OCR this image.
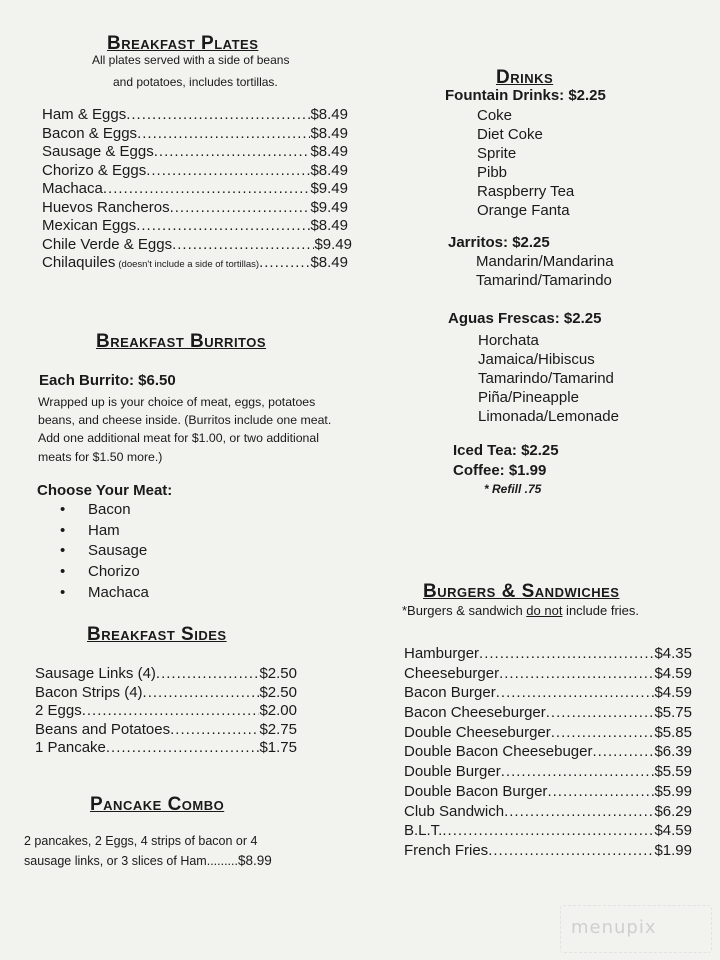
Breakfast Plates
All plates served with a side of beans
and potatoes, includes tortillas.
Ham & Eggs .....	$8.49
Bacon & Eggs .....	$8.49
Sausage & Eggs .....	$8.49
Chorizo & Eggs .....	$8.49
Machaca .....	$9.49
Huevos Rancheros .....	$9.49
Mexican Eggs .....	$8.49
Chile Verde & Eggs .....	$9.49
Chilaquiles (doesn't include a side of tortillas) .....	$8.49
Breakfast Burritos
Each Burrito: $6.50
Wrapped up is your choice of meat, eggs, potatoes
beans, and cheese inside. (Burritos include one meat.
Add one additional meat for $1.00, or two additional
meats for $1.50 more.)
Choose Your Meat:
• Bacon
• Ham
• Sausage
• Chorizo
• Machaca
Breakfast Sides
Sausage Links (4) .....	$2.50
Bacon Strips (4) .....	$2.50
2 Eggs .....	$2.00
Beans and Potatoes .....	$2.75
1 Pancake .....	$1.75
Pancake Combo
2 pancakes, 2 Eggs, 4 strips of bacon or 4
sausage links, or 3 slices of Ham.........$8.99
Drinks
Fountain Drinks: $2.25
Coke
Diet Coke
Sprite
Pibb
Raspberry Tea
Orange Fanta
Jarritos: $2.25
Mandarin/Mandarina
Tamarind/Tamarindo
Aguas Frescas: $2.25
Horchata
Jamaica/Hibiscus
Tamarindo/Tamarind
Piña/Pineapple
Limonada/Lemonade
Iced Tea: $2.25
Coffee: $1.99
* Refill .75
Burgers & Sandwiches
*Burgers & sandwich do not include fries.
Hamburger .....	$4.35
Cheeseburger .....	$4.59
Bacon Burger .....	$4.59
Bacon Cheeseburger .....	$5.75
Double Cheeseburger .....	$5.85
Double Bacon Cheesebuger .....	$6.39
Double Burger .....	$5.59
Double Bacon Burger .....	$5.99
Club Sandwich .....	$6.29
B.L.T. .....	$4.59
French Fries .....	$1.99
menupix
